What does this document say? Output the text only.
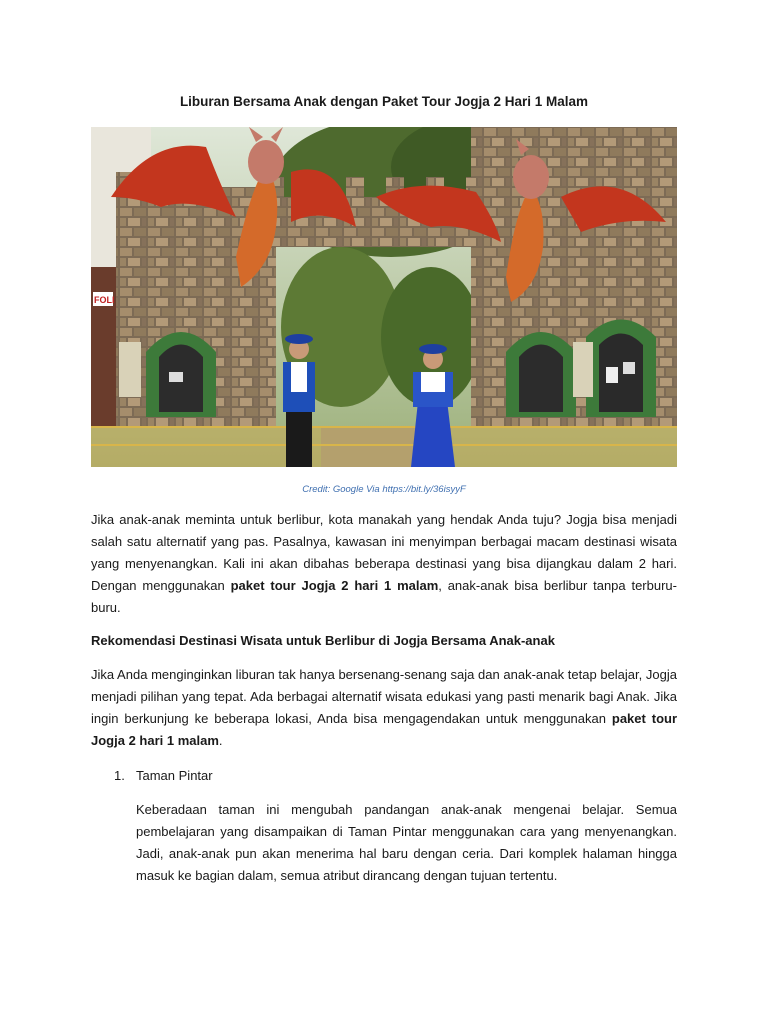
Liburan Bersama Anak dengan Paket Tour Jogja 2 Hari 1 Malam
FOLI
Credit: Google Via https://bit.ly/36isyyF

Jika anak-anak meminta untuk berlibur, kota manakah yang hendak Anda tuju? Jogja bisa menjadi salah satu alternatif yang pas. Pasalnya, kawasan ini menyimpan berbagai macam destinasi wisata yang menyenangkan. Kali ini akan dibahas beberapa destinasi yang bisa dijangkau dalam 2 hari. Dengan menggunakan paket tour Jogja 2 hari 1 malam, anak-anak bisa berlibur tanpa terburu-buru.

Rekomendasi Destinasi Wisata untuk Berlibur di Jogja Bersama Anak-anak

Jika Anda menginginkan liburan tak hanya bersenang-senang saja dan anak-anak tetap belajar, Jogja menjadi pilihan yang tepat. Ada berbagai alternatif wisata edukasi yang pasti menarik bagi Anak. Jika ingin berkunjung ke beberapa lokasi, Anda bisa mengagendakan untuk menggunakan paket tour Jogja 2 hari 1 malam.

1. Taman Pintar

Keberadaan taman ini mengubah pandangan anak-anak mengenai belajar. Semua pembelajaran yang disampaikan di Taman Pintar menggunakan cara yang menyenangkan. Jadi, anak-anak pun akan menerima hal baru dengan ceria. Dari komplek halaman hingga masuk ke bagian dalam, semua atribut dirancang dengan tujuan tertentu.
